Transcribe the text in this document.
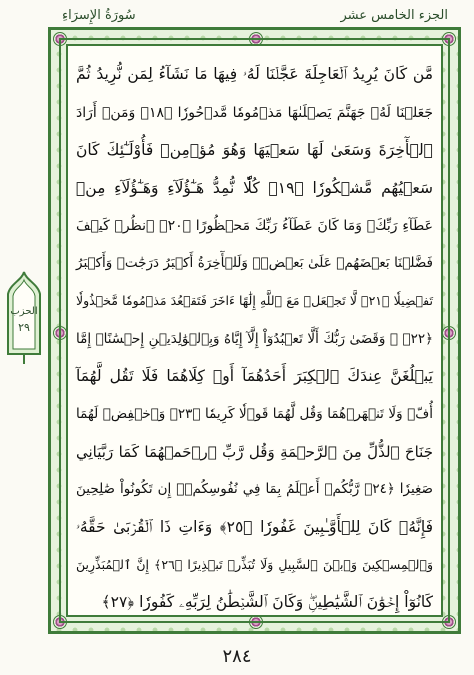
سُورَةُ الإِسرَاءِ	الجزء الخامس عشر
الحزب
٢٩
مَّن كَانَ يُرِيدُ ٱلۡعَاجِلَةَ عَجَّلۡنَا لَهُۥ فِيهَا مَا نَشَآءُ لِمَن نُّرِيدُ ثُمَّ
جَعَلۡنَا لَهُۥ جَهَنَّمَ يَصۡلَىٰهَا مَذۡمُومٗا مَّدۡحُورٗا ﴿١٨﴾ وَمَنۡ أَرَادَ
ٱلۡأٓخِرَةَ وَسَعَىٰ لَهَا سَعۡيَهَا وَهُوَ مُؤۡمِنٞ فَأُوْلَـٰٓئِكَ كَانَ
سَعۡيُهُم مَّشۡكُورٗا ﴿١٩﴾ كُلّٗا نُّمِدُّ هَـٰٓؤُلَآءِ وَهَـٰٓؤُلَآءِ مِنۡ
عَطَآءِ رَبِّكَۚ وَمَا كَانَ عَطَآءُ رَبِّكَ مَحۡظُورًا ﴿٢٠﴾ ٱنظُرۡ كَيۡفَ
فَضَّلۡنَا بَعۡضَهُمۡ عَلَىٰ بَعۡضٖۚ وَلَلۡأٓخِرَةُ أَكۡبَرُ دَرَجَٰتٖ وَأَكۡبَرُ
تَفۡضِيلٗا ﴿٢١﴾ لَّا تَجۡعَلۡ مَعَ ٱللَّهِ إِلَٰهًا ءَاخَرَ فَتَقۡعُدَ مَذۡمُومٗا مَّخۡذُولٗا
﴿٢٢﴾ ۞ وَقَضَىٰ رَبُّكَ أَلَّا تَعۡبُدُوٓاْ إِلَّآ إِيَّاهُ وَبِٱلۡوَٰلِدَيۡنِ إِحۡسَٰنًاۚ إِمَّا
يَبۡلُغَنَّ عِندَكَ ٱلۡكِبَرَ أَحَدُهُمَآ أَوۡ كِلَاهُمَا فَلَا تَقُل لَّهُمَآ
أُفّٖ وَلَا تَنۡهَرۡهُمَا وَقُل لَّهُمَا قَوۡلٗا كَرِيمٗا ﴿٢٣﴾ وَٱخۡفِضۡ لَهُمَا
جَنَاحَ ٱلذُّلِّ مِنَ ٱلرَّحۡمَةِ وَقُل رَّبِّ ٱرۡحَمۡهُمَا كَمَا رَبَّيَانِي
صَغِيرٗا ﴿٢٤﴾ رَّبُّكُمۡ أَعۡلَمُ بِمَا فِي نُفُوسِكُمۡۚ إِن تَكُونُواْ صَٰلِحِينَ
فَإِنَّهُۥ كَانَ لِلۡأَوَّـٰبِينَ غَفُورٗا ﴿٢٥﴾ وَءَاتِ ذَا ٱلۡقُرۡبَىٰ حَقَّهُۥ
وَٱلۡمِسۡكِينَ وَٱبۡنَ ٱلسَّبِيلِ وَلَا تُبَذِّرۡ تَبۡذِيرًا ﴿٢٦﴾ إِنَّ ٱلۡمُبَذِّرِينَ
كَانُوٓاْ إِخۡوَٰنَ ٱلشَّيَٰطِينِۖ وَكَانَ ٱلشَّيۡطَٰنُ لِرَبِّهِۦ كَفُورٗا ﴿٢٧﴾
٢٨٤
